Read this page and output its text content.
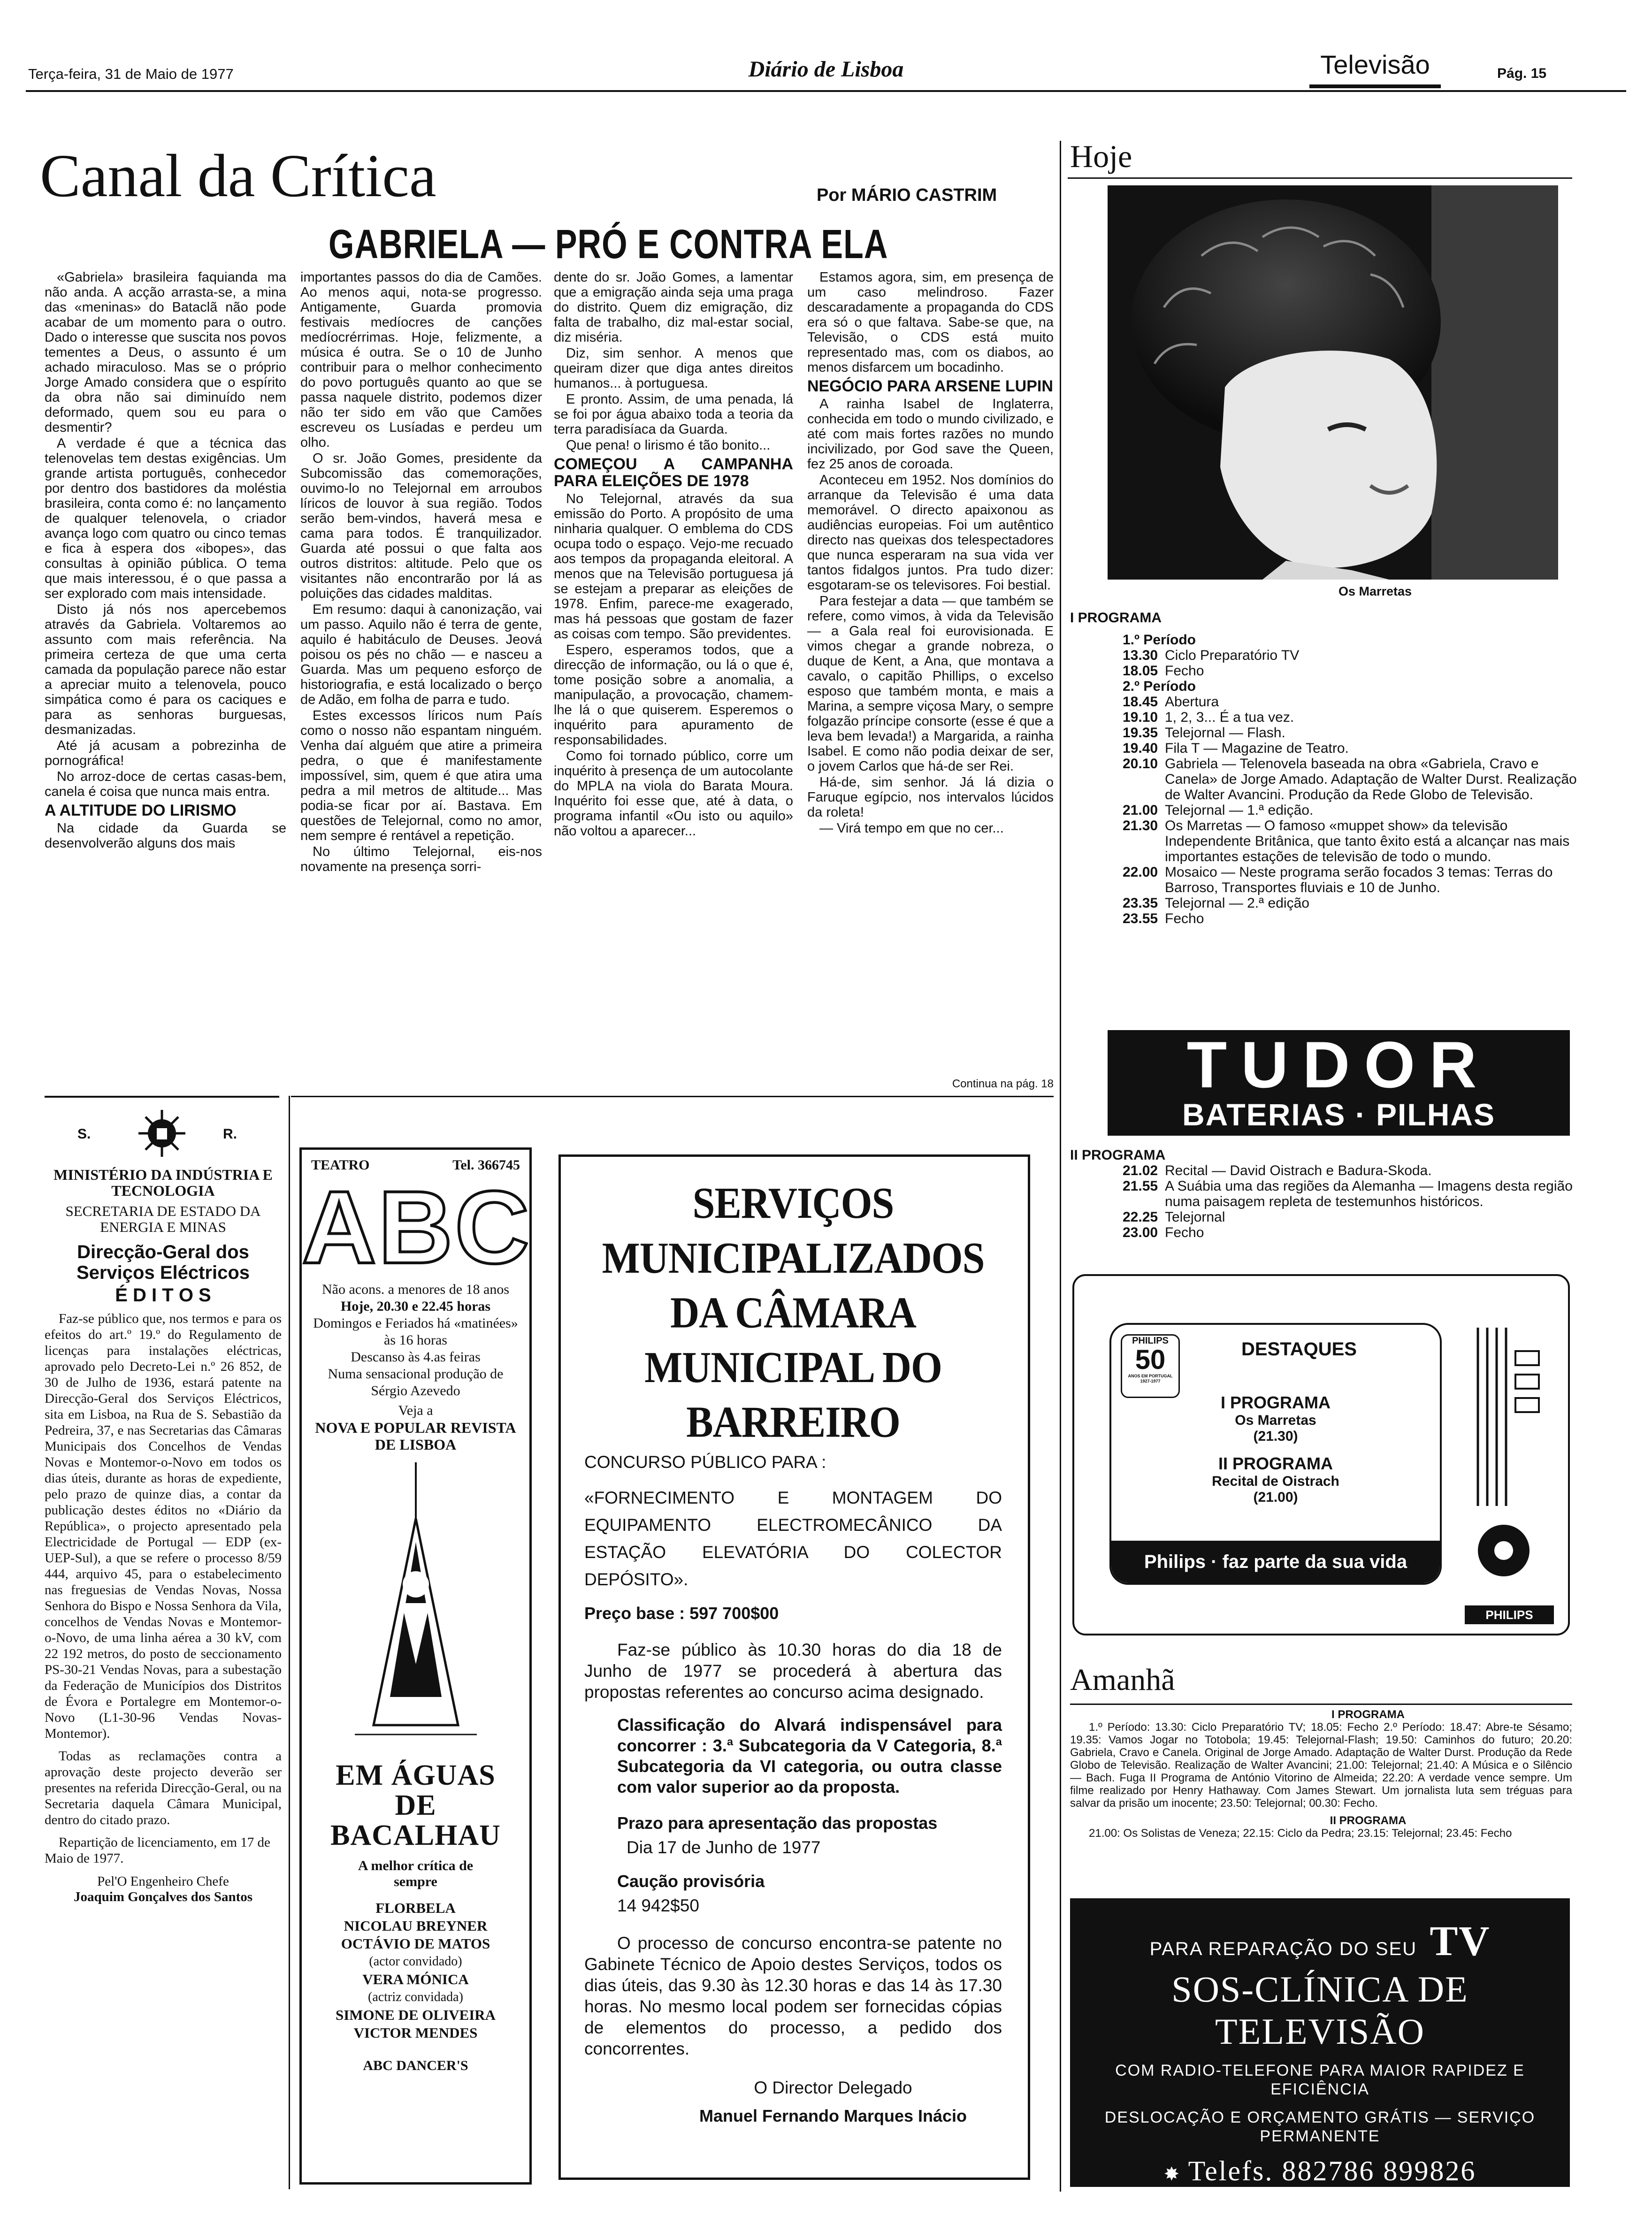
Terça-feira, 31 de Maio de 1977	Diário de Lisboa	Televisão	Pág. 15
Canal da Crítica	Por MÁRIO CASTRIM
GABRIELA — PRÓ E CONTRA ELA

«Gabriela» brasileira faquianda ma não anda. A acção arrasta-se, a mina das «meninas» do Bataclã não pode acabar de um momento para o outro. Dado o interesse que suscita nos povos tementes a Deus, o assunto é um achado miraculoso. Mas se o próprio Jorge Amado considera que o espírito da obra não sai diminuído nem deformado, quem sou eu para o desmentir?

A verdade é que a técnica das telenovelas tem destas exigências. Um grande artista português, conhecedor por dentro dos bastidores da moléstia brasileira, conta como é: no lançamento de qualquer telenovela, o criador avança logo com quatro ou cinco temas e fica à espera dos «ibopes», das consultas à opinião pública. O tema que mais interessou, é o que passa a ser explorado com mais intensidade.

Disto já nós nos apercebemos através da Gabriela. Voltaremos ao assunto com mais referência. Na primeira certeza de que uma certa camada da população parece não estar a apreciar muito a telenovela, pouco simpática como é para os caciques e para as senhoras burguesas, desmanizadas.

Até já acusam a pobrezinha de pornográfica!

No arroz-doce de certas casas-bem, canela é coisa que nunca mais entra.

A ALTITUDE DO LIRISMO

Na cidade da Guarda se desenvolverão alguns dos mais

importantes passos do dia de Camões. Ao menos aqui, nota-se progresso. Antigamente, Guarda promovia festivais medíocres de canções medíocrérrimas. Hoje, felizmente, a música é outra. Se o 10 de Junho contribuir para o melhor conhecimento do povo português quanto ao que se passa naquele distrito, podemos dizer não ter sido em vão que Camões escreveu os Lusíadas e perdeu um olho.

O sr. João Gomes, presidente da Subcomissão das comemorações, ouvimo-lo no Telejornal em arroubos líricos de louvor à sua região. Todos serão bem-vindos, haverá mesa e cama para todos. É tranquilizador. Guarda até possui o que falta aos outros distritos: altitude. Pelo que os visitantes não encontrarão por lá as poluições das cidades malditas.

Em resumo: daqui à canonização, vai um passo. Aquilo não é terra de gente, aquilo é habitáculo de Deuses. Jeová poisou os pés no chão — e nasceu a Guarda. Mas um pequeno esforço de historiografia, e está localizado o berço de Adão, em folha de parra e tudo.

Estes excessos líricos num País como o nosso não espantam ninguém. Venha daí alguém que atire a primeira pedra, o que é manifestamente impossível, sim, quem é que atira uma pedra a mil metros de altitude... Mas podia-se ficar por aí. Bastava. Em questões de Telejornal, como no amor, nem sempre é rentável a repetição.

No último Telejornal, eis-nos novamente na presença sorri-

dente do sr. João Gomes, a lamentar que a emigração ainda seja uma praga do distrito. Quem diz emigração, diz falta de trabalho, diz mal-estar social, diz miséria.

Diz, sim senhor. A menos que queiram dizer que diga antes direitos humanos... à portuguesa.

E pronto. Assim, de uma penada, lá se foi por água abaixo toda a teoria da terra paradisíaca da Guarda.

Que pena! o lirismo é tão bonito...

COMEÇOU A CAMPANHA PARA ELEIÇÕES DE 1978

No Telejornal, através da sua emissão do Porto. A propósito de uma ninharia qualquer. O emblema do CDS ocupa todo o espaço. Vejo-me recuado aos tempos da propaganda eleitoral. A menos que na Televisão portuguesa já se estejam a preparar as eleições de 1978. Enfim, parece-me exagerado, mas há pessoas que gostam de fazer as coisas com tempo. São previdentes.

Espero, esperamos todos, que a direcção de informação, ou lá o que é, tome posição sobre a anomalia, a manipulação, a provocação, chamem-lhe lá o que quiserem. Esperemos o inquérito para apuramento de responsabilidades.

Como foi tornado público, corre um inquérito à presença de um autocolante do MPLA na viola do Barata Moura. Inquérito foi esse que, até à data, o programa infantil «Ou isto ou aquilo» não voltou a aparecer...

Estamos agora, sim, em presença de um caso melindroso. Fazer descaradamente a propaganda do CDS era só o que faltava. Sabe-se que, na Televisão, o CDS está muito representado mas, com os diabos, ao menos disfarcem um bocadinho.

NEGÓCIO PARA ARSENE LUPIN

A rainha Isabel de Inglaterra, conhecida em todo o mundo civilizado, e até com mais fortes razões no mundo incivilizado, por God save the Queen, fez 25 anos de coroada.

Aconteceu em 1952. Nos domínios do arranque da Televisão é uma data memorável. O directo apaixonou as audiências europeias. Foi um autêntico directo nas queixas dos telespectadores que nunca esperaram na sua vida ver tantos fidalgos juntos. Pra tudo dizer: esgotaram-se os televisores. Foi bestial.

Para festejar a data — que também se refere, como vimos, à vida da Televisão — a Gala real foi eurovisionada. E vimos chegar a grande nobreza, o duque de Kent, a Ana, que montava a cavalo, o capitão Phillips, o excelso esposo que também monta, e mais a Marina, a sempre viçosa Mary, o sempre folgazão príncipe consorte (esse é que a leva bem levada!) a Margarida, a rainha Isabel. E como não podia deixar de ser, o jovem Carlos que há-de ser Rei.

Há-de, sim senhor. Já lá dizia o Faruque egípcio, nos intervalos lúcidos da roleta!

— Virá tempo em que no cer...

Continua na pág. 18
S.	R.
MINISTÉRIO DA INDÚSTRIA E TECNOLOGIA
SECRETARIA DE ESTADO DA ENERGIA E MINAS
Direcção-Geral dos Serviços Eléctricos
É D I T O S
Faz-se público que, nos termos e para os efeitos do art.º 19.º do Regulamento de licenças para instalações eléctricas, aprovado pelo Decreto-Lei n.º 26 852, de 30 de Julho de 1936, estará patente na Direcção-Geral dos Serviços Eléctricos, sita em Lisboa, na Rua de S. Sebastião da Pedreira, 37, e nas Secretarias das Câmaras Municipais dos Concelhos de Vendas Novas e Montemor-o-Novo em todos os dias úteis, durante as horas de expediente, pelo prazo de quinze dias, a contar da publicação destes éditos no «Diário da República», o projecto apresentado pela Electricidade de Portugal — EDP (ex-UEP-Sul), a que se refere o processo 8/59 444, arquivo 45, para o estabelecimento nas freguesias de Vendas Novas, Nossa Senhora do Bispo e Nossa Senhora da Vila, concelhos de Vendas Novas e Montemor-o-Novo, de uma linha aérea a 30 kV, com 22 192 metros, do posto de seccionamento PS-30-21 Vendas Novas, para a subestação da Federação de Municípios dos Distritos de Évora e Portalegre em Montemor-o-Novo (L1-30-96 Vendas Novas-Montemor).
Todas as reclamações contra a aprovação deste projecto deverão ser presentes na referida Direcção-Geral, ou na Secretaria daquela Câmara Municipal, dentro do citado prazo.
Repartição de licenciamento, em 17 de Maio de 1977.
Pel'O Engenheiro Chefe
Joaquim Gonçalves dos Santos
TEATRO	Tel. 366745
ABC
Não acons. a menores de 18 anos
Hoje, 20.30 e 22.45 horas
Domingos e Feriados há «matinées» às 16 horas
Descanso às 4.as feiras
Numa sensacional produção de Sérgio Azevedo
Veja a
NOVA E POPULAR REVISTA DE LISBOA
EM ÁGUAS DE BACALHAU
A melhor crítica de sempre
FLORBELA
NICOLAU BREYNER
OCTÁVIO DE MATOS
(actor convidado)
VERA MÓNICA
(actriz convidada)
SIMONE DE OLIVEIRA
VICTOR MENDES
ABC DANCER'S
SERVIÇOS MUNICIPALIZADOS DA CÂMARA MUNICIPAL DO BARREIRO
CONCURSO PÚBLICO PARA :
«FORNECIMENTO E MONTAGEM DO EQUIPAMENTO ELECTROMECÂNICO DA ESTAÇÃO ELEVATÓRIA DO COLECTOR DEPÓSITO».
Preço base : 597 700$00
Faz-se público às 10.30 horas do dia 18 de Junho de 1977 se procederá à abertura das propostas referentes ao concurso acima designado.
Classificação do Alvará indispensável para concorrer : 3.ª Subcategoria da V Categoria, 8.ª Subcategoria da VI categoria, ou outra classe com valor superior ao da proposta.
Prazo para apresentação das propostas
Dia 17 de Junho de 1977
Caução provisória
14 942$50
O processo de concurso encontra-se patente no Gabinete Técnico de Apoio destes Serviços, todos os dias úteis, das 9.30 às 12.30 horas e das 14 às 17.30 horas. No mesmo local podem ser fornecidas cópias de elementos do processo, a pedido dos concorrentes.
O Director Delegado
Manuel Fernando Marques Inácio
Hoje
Os Marretas
I PROGRAMA
1.º Período
13.30 Ciclo Preparatório TV
18.05 Fecho
2.º Período
18.45 Abertura
19.10 1, 2, 3... É a tua vez.
19.35 Telejornal — Flash.
19.40 Fila T — Magazine de Teatro.
20.10 Gabriela — Telenovela baseada na obra «Gabriela, Cravo e Canela» de Jorge Amado. Adaptação de Walter Durst. Realização de Walter Avancini. Produção da Rede Globo de Televisão.
21.00 Telejornal — 1.ª edição.
21.30 Os Marretas — O famoso «muppet show» da televisão Independente Britânica, que tanto êxito está a alcançar nas mais importantes estações de televisão de todo o mundo.
22.00 Mosaico — Neste programa serão focados 3 temas: Terras do Barroso, Transportes fluviais e 10 de Junho.
23.35 Telejornal — 2.ª edição
23.55 Fecho
TUDOR
BATERIAS · PILHAS
II PROGRAMA
21.02 Recital — David Oistrach e Badura-Skoda.
21.55 A Suábia uma das regiões da Alemanha — Imagens desta região numa paisagem repleta de testemunhos históricos.
22.25 Telejornal
23.00 Fecho
PHILIPS
50
ANOS EM PORTUGAL 1927-1977
DESTAQUES
I PROGRAMA
Os Marretas
(21.30)
II PROGRAMA
Recital de Oistrach
(21.00)
Philips · faz parte da sua vida

PHILIPS
Amanhã
I PROGRAMA
1.º Período: 13.30: Ciclo Preparatório TV; 18.05: Fecho 2.º Período: 18.47: Abre-te Sésamo; 19.35: Vamos Jogar no Totobola; 19.45: Telejornal-Flash; 19.50: Caminhos do futuro; 20.20: Gabriela, Cravo e Canela. Original de Jorge Amado. Adaptação de Walter Durst. Produção da Rede Globo de Televisão. Realização de Walter Avancini; 21.00: Telejornal; 21.40: A Música e o Silêncio — Bach. Fuga II Programa de António Vitorino de Almeida; 22.20: A verdade vence sempre. Um filme realizado por Henry Hathaway. Com James Stewart. Um jornalista luta sem tréguas para salvar da prisão um inocente; 23.50: Telejornal; 00.30: Fecho.
II PROGRAMA
21.00: Os Solistas de Veneza; 22.15: Ciclo da Pedra; 23.15: Telejornal; 23.45: Fecho
PARA REPARAÇÃO DO SEU TV
SOS-CLÍNICA DE TELEVISÃO
COM RADIO-TELEFONE PARA MAIOR RAPIDEZ E EFICIÊNCIA
DESLOCAÇÃO E ORÇAMENTO GRÁTIS — SERVIÇO PERMANENTE
✸ Telefs. 882786 899826
Avenida S. João de Deus, 13-B · Rua Macau, 8
